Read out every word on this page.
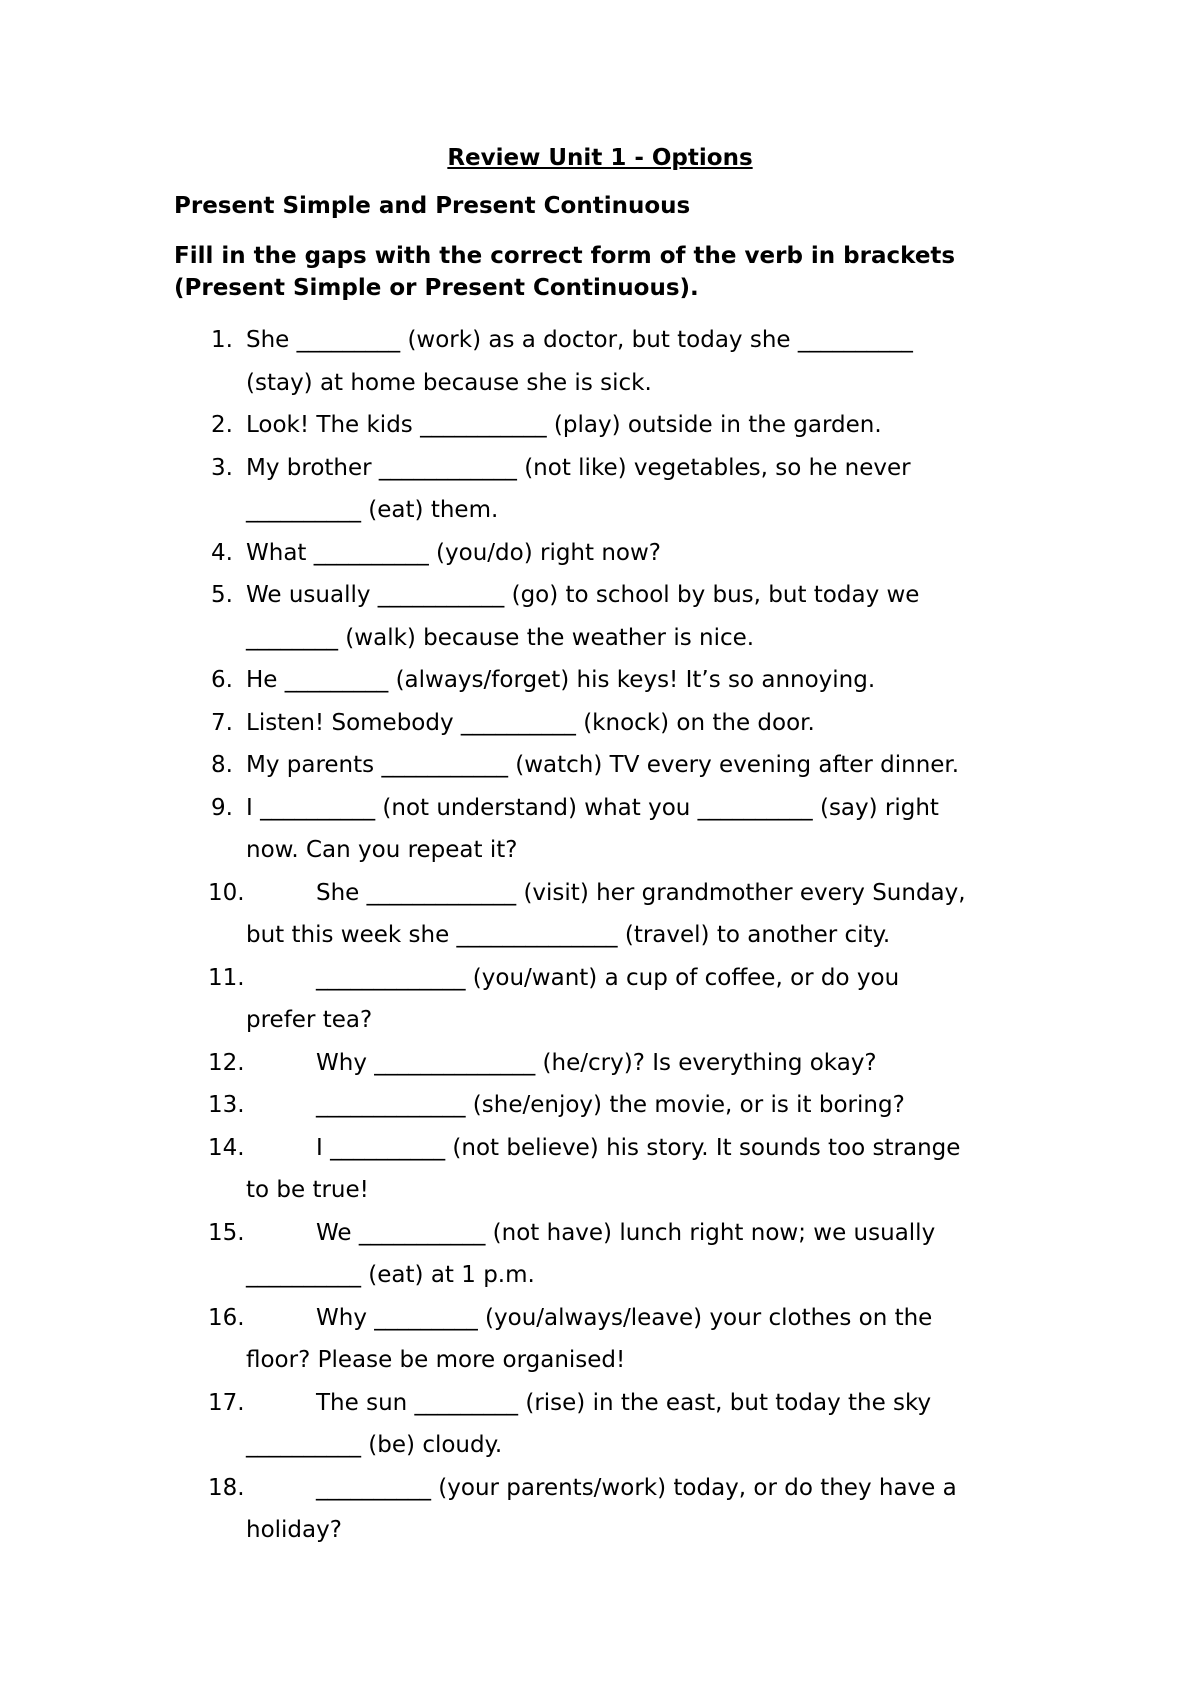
Review Unit 1 - Options
Present Simple and Present Continuous
Fill in the gaps with the correct form of the verb in brackets
(Present Simple or Present Continuous).
1. She _________ (work) as a doctor, but today she __________
(stay) at home because she is sick.
2. Look! The kids ___________ (play) outside in the garden.
3. My brother ____________ (not like) vegetables, so he never
__________ (eat) them.
4. What __________ (you/do) right now?
5. We usually ___________ (go) to school by bus, but today we
________ (walk) because the weather is nice.
6. He _________ (always/forget) his keys! It’s so annoying.
7. Listen! Somebody __________ (knock) on the door.
8. My parents ___________ (watch) TV every evening after dinner.
9. I __________ (not understand) what you __________ (say) right
now. Can you repeat it?
10.	She _____________ (visit) her grandmother every Sunday,
but this week she ______________ (travel) to another city.
11.	_____________ (you/want) a cup of coffee, or do you
prefer tea?
12.	Why ______________ (he/cry)? Is everything okay?
13.	_____________ (she/enjoy) the movie, or is it boring?
14.	I __________ (not believe) his story. It sounds too strange
to be true!
15.	We ___________ (not have) lunch right now; we usually
__________ (eat) at 1 p.m.
16.	Why _________ (you/always/leave) your clothes on the
floor? Please be more organised!
17.	The sun _________ (rise) in the east, but today the sky
__________ (be) cloudy.
18.	__________ (your parents/work) today, or do they have a
holiday?
